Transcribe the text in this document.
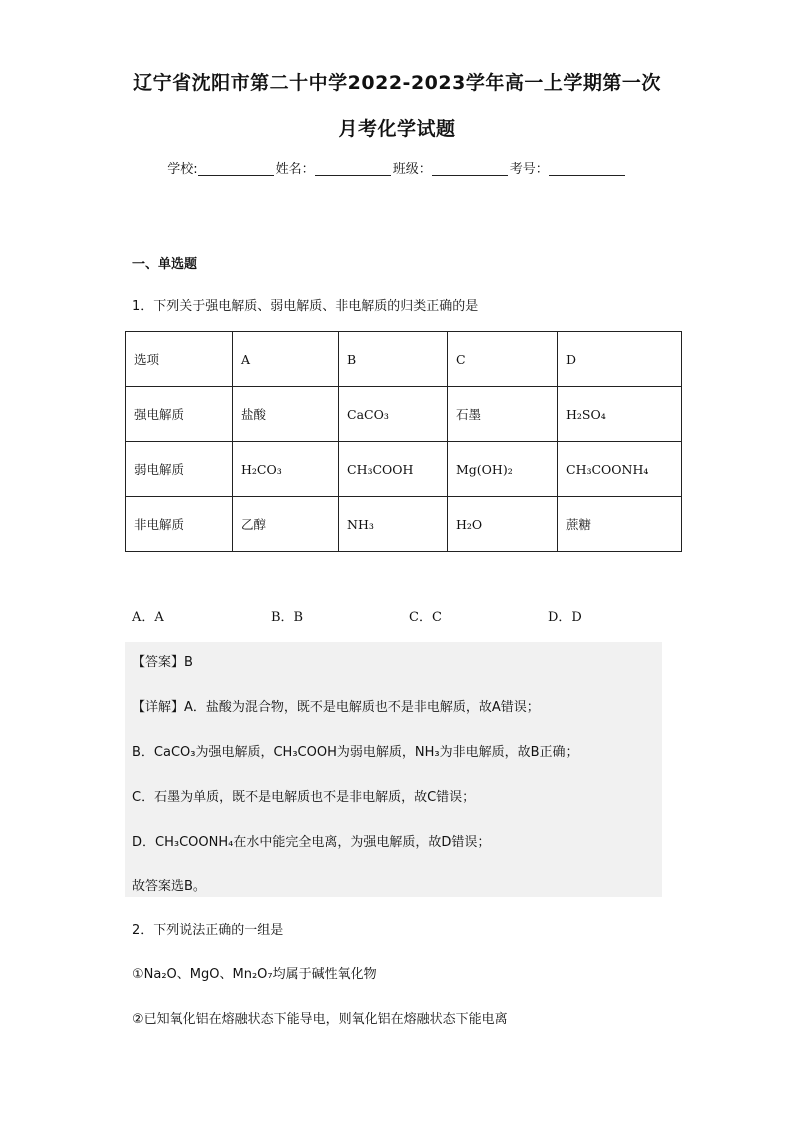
辽宁省沈阳市第二十中学2022-2023学年高一上学期第一次
月考化学试题
学校:	姓名：	班级：	考号：
一、单选题
1．下列关于强电解质、弱电解质、非电解质的归类正确的是
选项	A	B	C	D
强电解质	盐酸	CaCO₃	石墨	H₂SO₄
弱电解质	H₂CO₃	CH₃COOH	Mg(OH)₂	CH₃COONH₄
非电解质	乙醇	NH₃	H₂O	蔗糖
A．A	B．B	C．C	D．D
【答案】B
【详解】A．盐酸为混合物，既不是电解质也不是非电解质，故A错误；
B．CaCO₃为强电解质，CH₃COOH为弱电解质，NH₃为非电解质，故B正确；
C．石墨为单质，既不是电解质也不是非电解质，故C错误；
D．CH₃COONH₄在水中能完全电离，为强电解质，故D错误；
故答案选B。
2．下列说法正确的一组是
①Na₂O、MgO、Mn₂O₇均属于碱性氧化物
②已知氧化铝在熔融状态下能导电，则氧化铝在熔融状态下能电离
